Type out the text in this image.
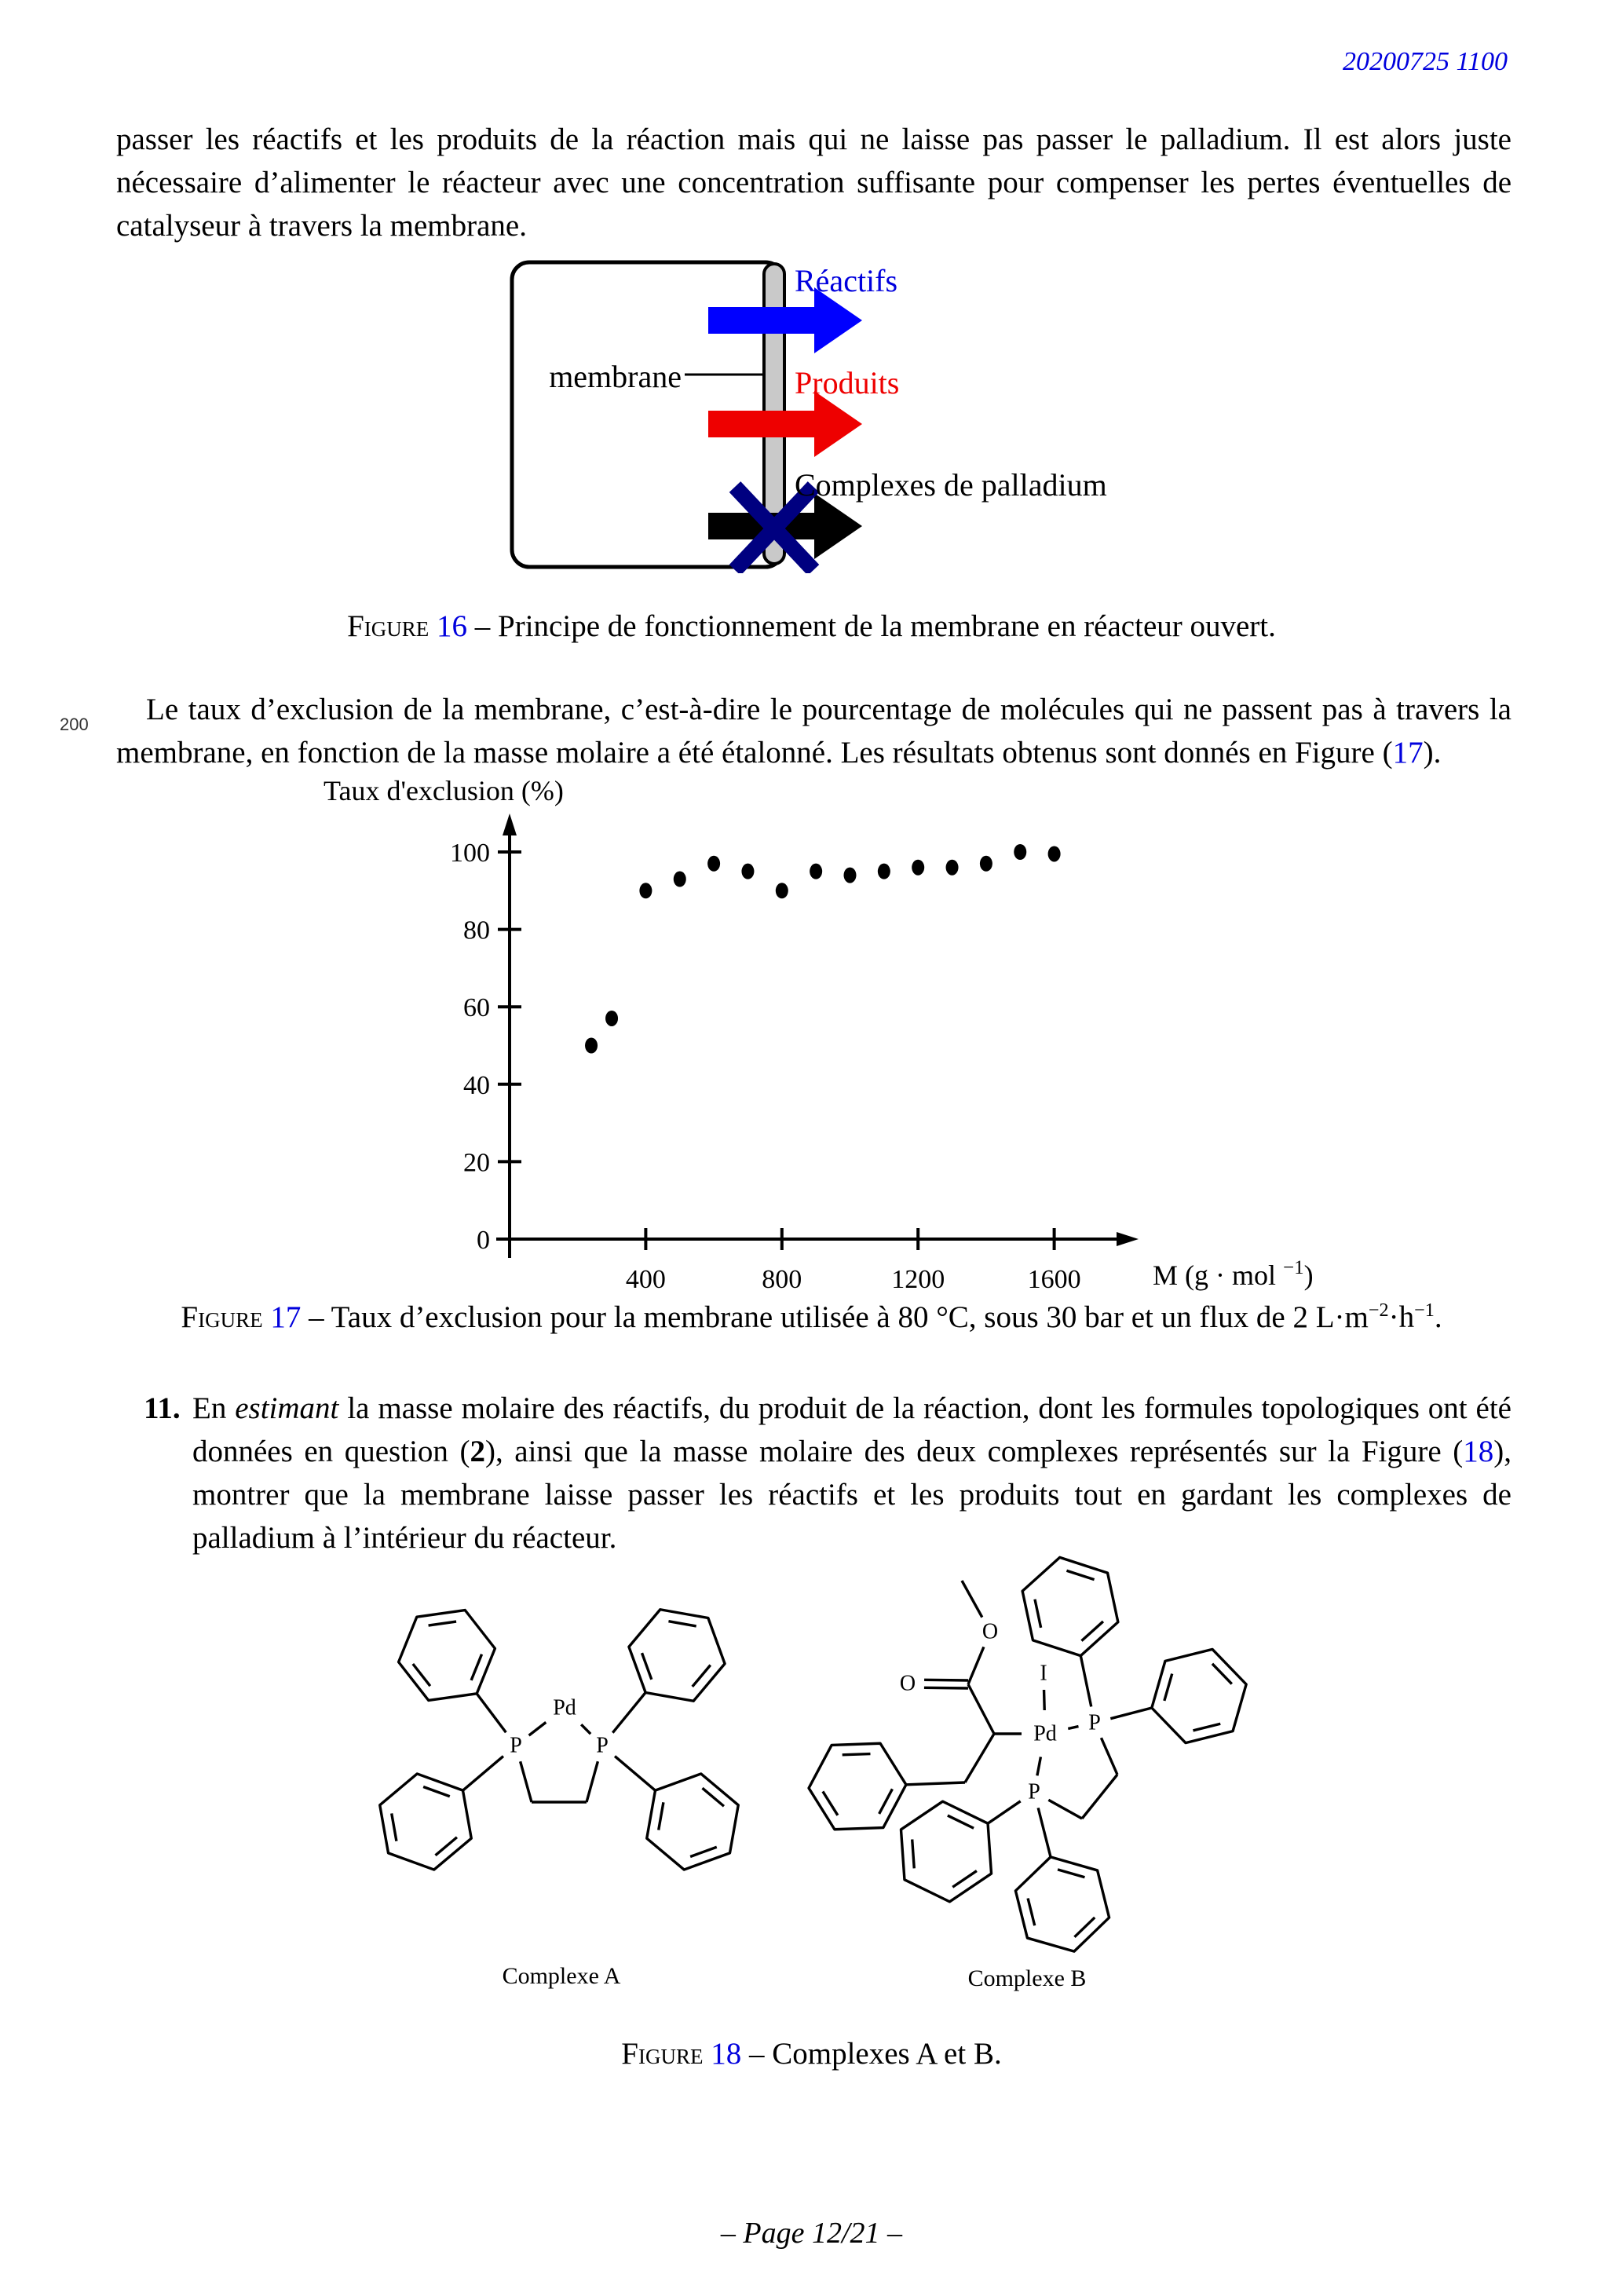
20200725 1100
passer les réactifs et les produits de la réaction mais qui ne laisse pas passer le palladium. Il est alors juste nécessaire d’alimenter le réacteur avec une concentration suffisante pour compenser les pertes éventuelles de catalyseur à travers la membrane.
membrane
Réactifs
Produits
Complexes de palladium
Figure 16 – Principe de fonctionnement de la membrane en réacteur ouvert.
200	Le taux d’exclusion de la membrane, c’est-à-dire le pourcentage de molécules qui ne passent pas à travers la membrane, en fonction de la masse molaire a été étalonné. Les résultats obtenus sont donnés en Figure (17).
Taux d'exclusion (%)
0
20
40
60
80
100
400	800	1200	1600	M (g · mol $^{-1}$)
Figure 17 – Taux d’exclusion pour la membrane utilisée à 80 °C, sous 30 bar et un flux de 2 $L\cdot m^{-2}\cdot h^{-1}$.
11. En estimant la masse molaire des réactifs, du produit de la réaction, dont les formules topologiques ont été données en question (2), ainsi que la masse molaire des deux complexes représentés sur la Figure (18), montrer que la membrane laisse passer les réactifs et les produits tout en gardant les complexes de palladium à l’intérieur du réacteur.
Pd
P	P
O
O
Pd
I
P
P
Complexe A	Complexe B
Figure 18 – Complexes A et B.
– Page 12/21 –
